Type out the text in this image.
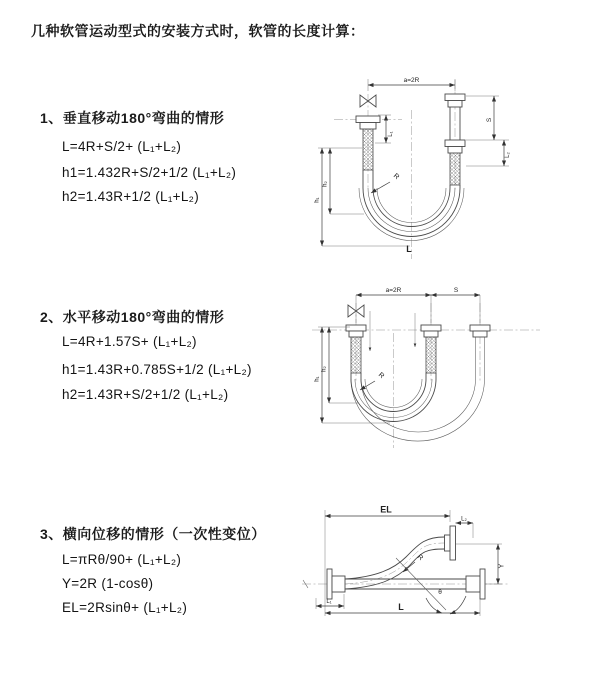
几种软管运动型式的安装方式时，软管的长度计算：
1、垂直移动180°弯曲的情形
L=4R+S/2+ (L₁+L₂)
h1=1.432R+S/2+1/2 (L₁+L₂)
h2=1.43R+1/2 (L₁+L₂)
a=2R
L₁
S
L₂
h₁
h₂
R
L
2、水平移动180°弯曲的情形
L=4R+1.57S+ (L₁+L₂)
h1=1.43R+0.785S+1/2 (L₁+L₂)
h2=1.43R+S/2+1/2 (L₁+L₂)
a=2R	S
h₁
h₂
R
3、横向位移的情形（一次性变位）
L=πRθ/90+ (L₁+L₂)
Y=2R (1-cosθ)
EL=2Rsinθ+ (L₁+L₂)
EL
L₂
Y
R
θ
L
L₁
